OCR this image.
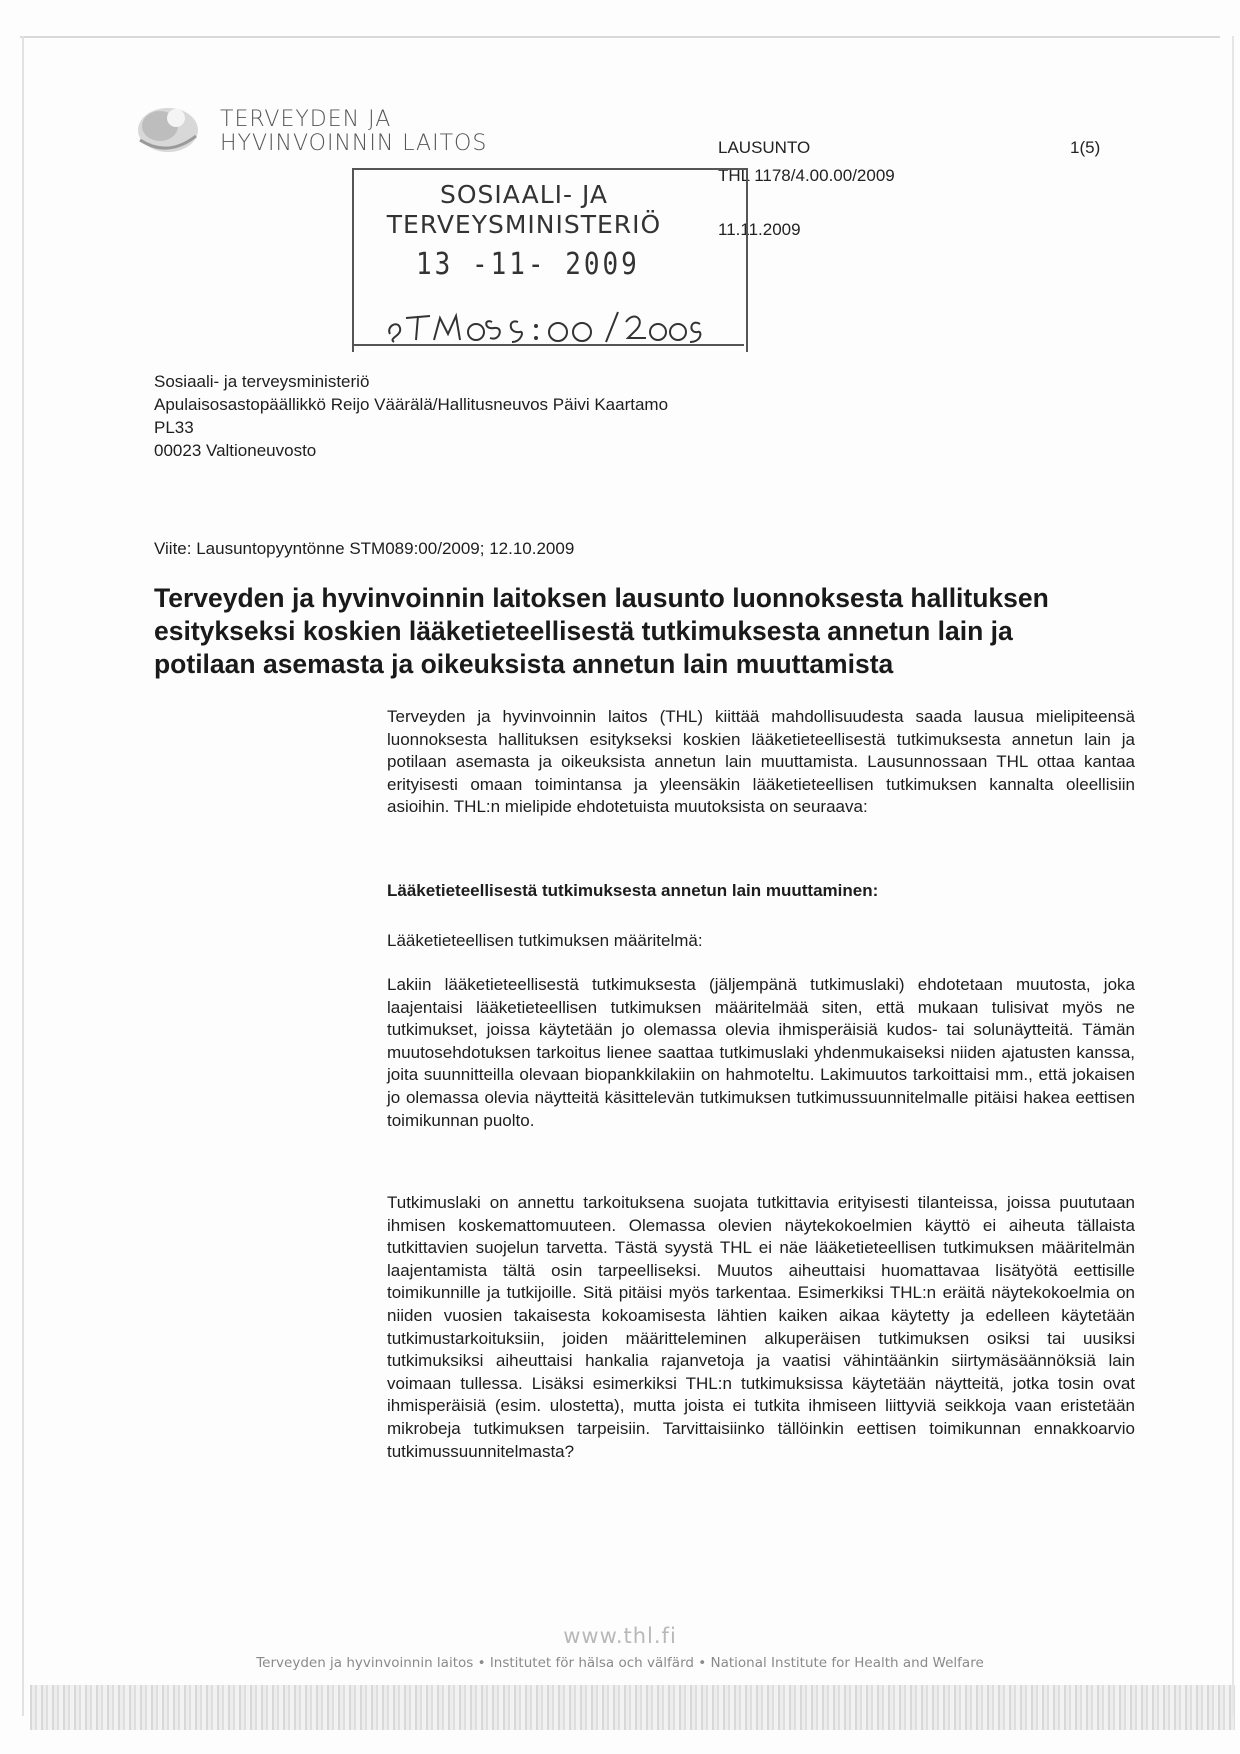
TERVEYDEN JA
HYVINVOINNIN LAITOS	LAUSUNTO	1(5)
THL 1178/4.00.00/2009
11.11.2009
SOSIAALI- JA
TERVEYSMINISTERIÖ
13 -11- 2009
Sosiaali- ja terveysministeriö
Apulaisosastopäällikkö Reijo Väärälä/Hallitusneuvos Päivi Kaartamo
PL33
00023 Valtioneuvosto
Viite: Lausuntopyyntönne STM089:00/2009; 12.10.2009
Terveyden ja hyvinvoinnin laitoksen lausunto luonnoksesta hallituksen
esitykseksi koskien lääketieteellisestä tutkimuksesta annetun lain ja
potilaan asemasta ja oikeuksista annetun lain muuttamista
Terveyden ja hyvinvoinnin laitos (THL) kiittää mahdollisuudesta saada lausua mielipiteensä luonnoksesta hallituksen esitykseksi koskien lääketieteellisestä tutkimuksesta annetun lain ja potilaan asemasta ja oikeuksista annetun lain muuttamista. Lausunnossaan THL ottaa kantaa erityisesti omaan toimintansa ja yleensäkin lääketieteellisen tutkimuksen kannalta oleellisiin asioihin. THL:n mielipide ehdotetuista muutoksista on seuraava:
Lääketieteellisestä tutkimuksesta annetun lain muuttaminen:
Lääketieteellisen tutkimuksen määritelmä:
Lakiin lääketieteellisestä tutkimuksesta (jäljempänä tutkimuslaki) ehdotetaan muutosta, joka laajentaisi lääketieteellisen tutkimuksen määritelmää siten, että mukaan tulisivat myös ne tutkimukset, joissa käytetään jo olemassa olevia ihmisperäisiä kudos- tai solunäytteitä. Tämän muutosehdotuksen tarkoitus lienee saattaa tutkimuslaki yhdenmukaiseksi niiden ajatusten kanssa, joita suunnitteilla olevaan biopankkilakiin on hahmoteltu. Lakimuutos tarkoittaisi mm., että jokaisen jo olemassa olevia näytteitä käsittelevän tutkimuksen tutkimussuunnitelmalle pitäisi hakea eettisen toimikunnan puolto.
Tutkimuslaki on annettu tarkoituksena suojata tutkittavia erityisesti tilanteissa, joissa puututaan ihmisen koskemattomuuteen. Olemassa olevien näytekokoelmien käyttö ei aiheuta tällaista tutkittavien suojelun tarvetta. Tästä syystä THL ei näe lääketieteellisen tutkimuksen määritelmän laajentamista tältä osin tarpeelliseksi. Muutos aiheuttaisi huomattavaa lisätyötä eettisille toimikunnille ja tutkijoille. Sitä pitäisi myös tarkentaa. Esimerkiksi THL:n eräitä näytekokoelmia on niiden vuosien takaisesta kokoamisesta lähtien kaiken aikaa käytetty ja edelleen käytetään tutkimustarkoituksiin, joiden määritteleminen alkuperäisen tutkimuksen osiksi tai uusiksi tutkimuksiksi aiheuttaisi hankalia rajanvetoja ja vaatisi vähintäänkin siirtymäsäännöksiä lain voimaan tullessa. Lisäksi esimerkiksi THL:n tutkimuksissa käytetään näytteitä, jotka tosin ovat ihmisperäisiä (esim. ulostetta), mutta joista ei tutkita ihmiseen liittyviä seikkoja vaan eristetään mikrobeja tutkimuksen tarpeisiin. Tarvittaisiinko tällöinkin eettisen toimikunnan ennakkoarvio tutkimussuunnitelmasta?
www.thl.fi
Terveyden ja hyvinvoinnin laitos • Institutet för hälsa och välfärd • National Institute for Health and Welfare
